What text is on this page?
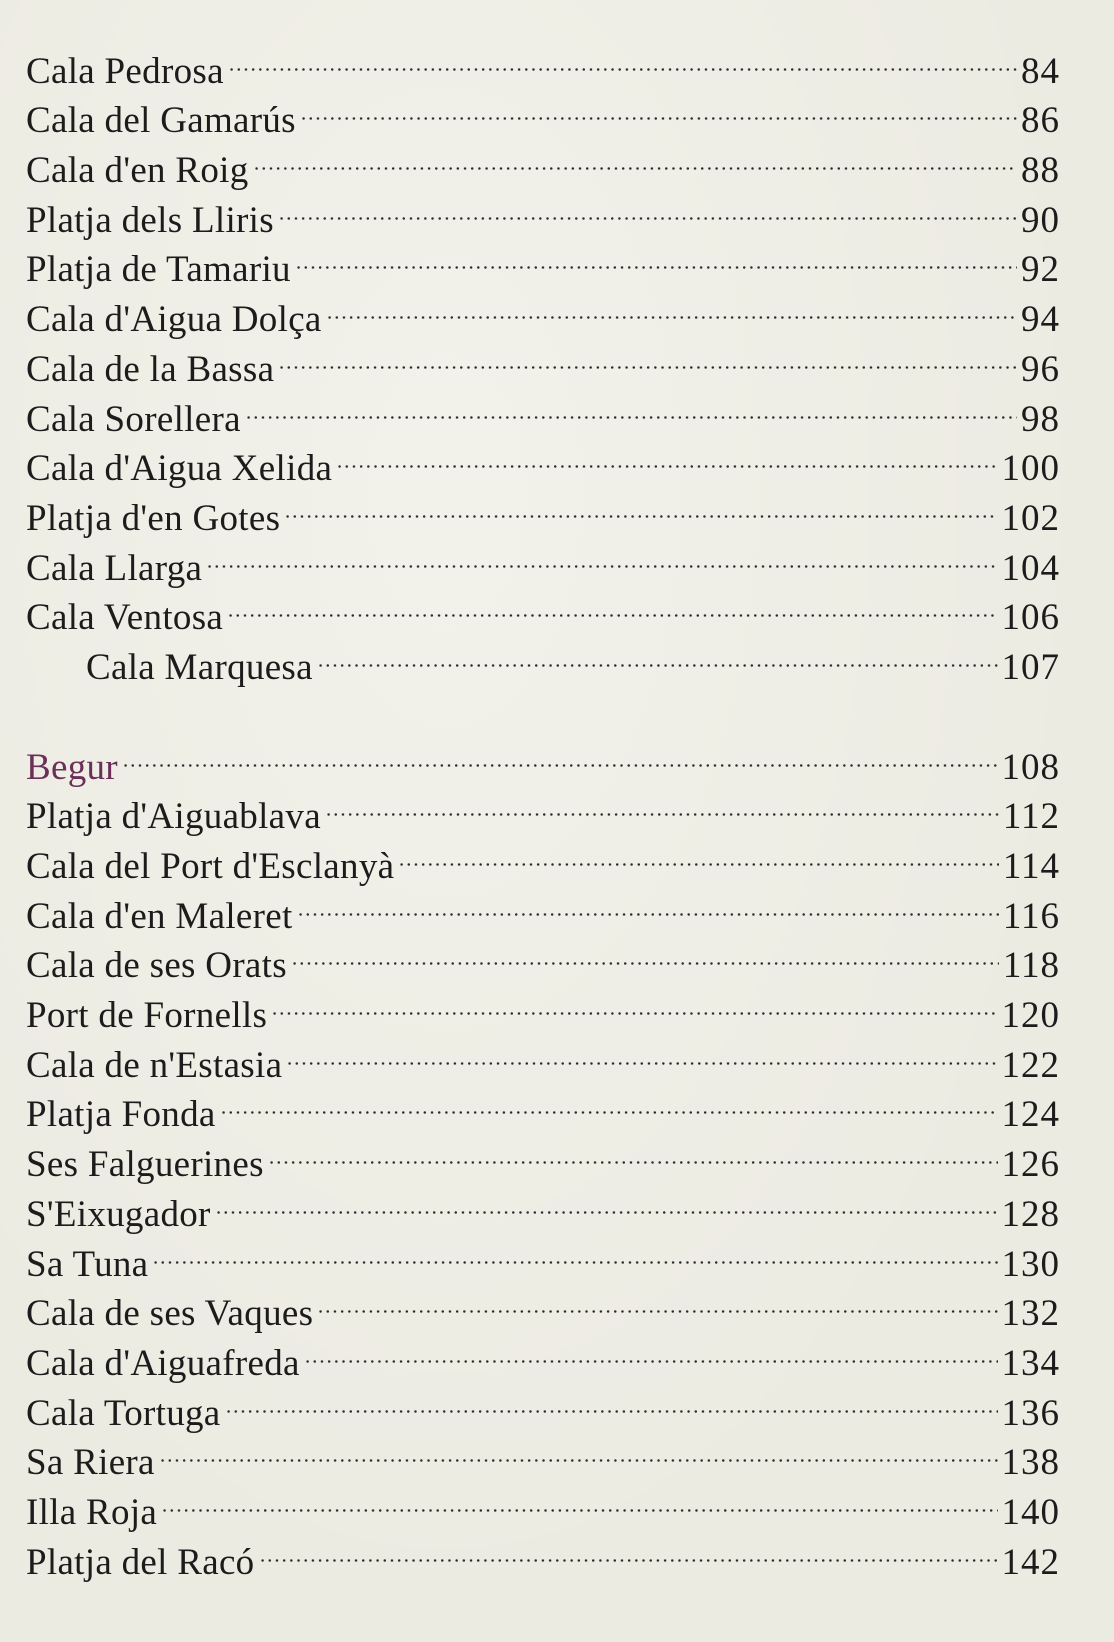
Cala Pedrosa	84
Cala del Gamarús	86
Cala d'en Roig	88
Platja dels Lliris	90
Platja de Tamariu	92
Cala d'Aigua Dolça	94
Cala de la Bassa	96
Cala Sorellera	98
Cala d'Aigua Xelida	100
Platja d'en Gotes	102
Cala Llarga	104
Cala Ventosa	106
Cala Marquesa	107
Begur	108
Platja d'Aiguablava	112
Cala del Port d'Esclanyà	114
Cala d'en Maleret	116
Cala de ses Orats	118
Port de Fornells	120
Cala de n'Estasia	122
Platja Fonda	124
Ses Falguerines	126
S'Eixugador	128
Sa Tuna	130
Cala de ses Vaques	132
Cala d'Aiguafreda	134
Cala Tortuga	136
Sa Riera	138
Illa Roja	140
Platja del Racó	142
